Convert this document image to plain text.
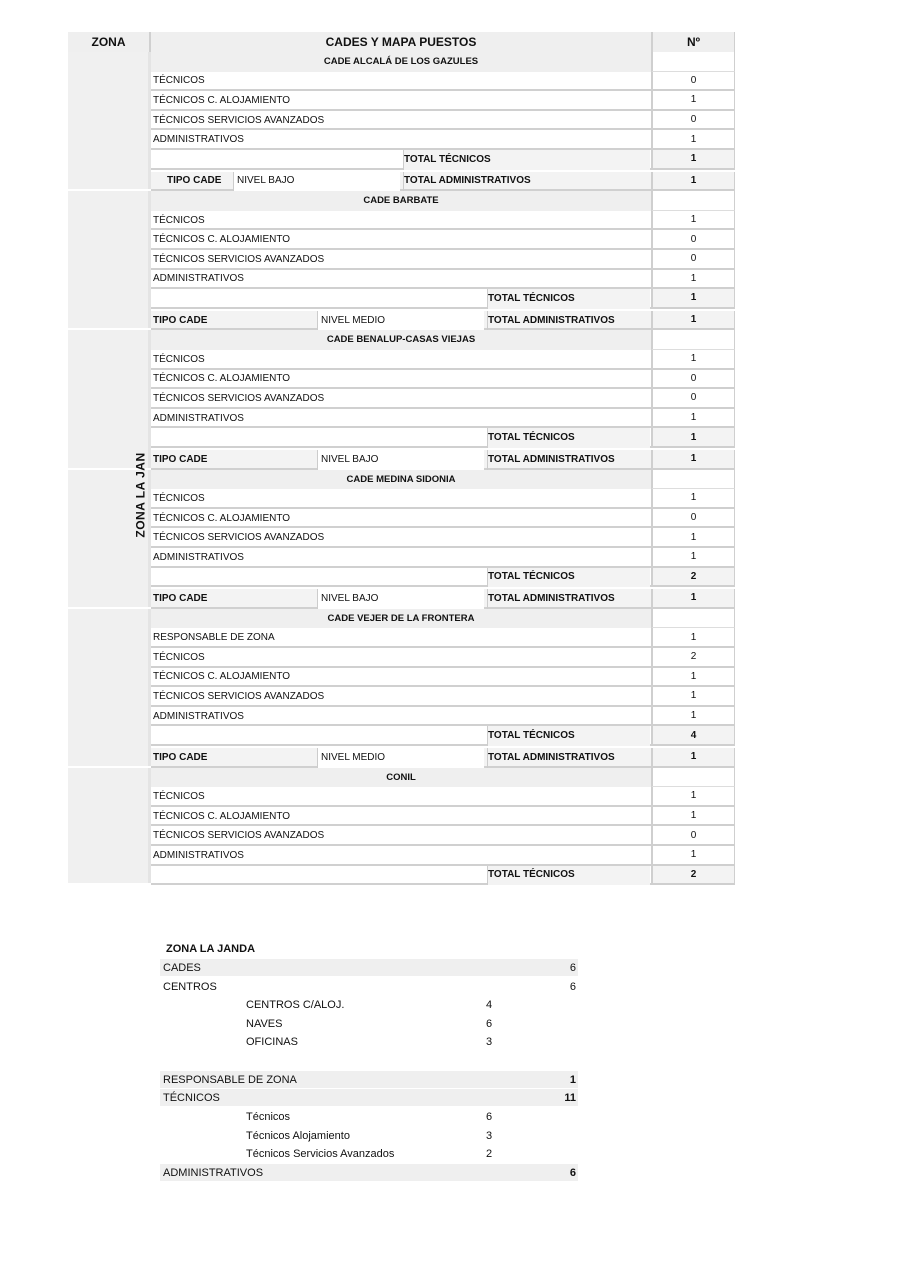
ZONA	CADES Y MAPA PUESTOS	Nº
CADE ALCALÁ DE LOS GAZULES
TÉCNICOS	0
TÉCNICOS C. ALOJAMIENTO	1
TÉCNICOS SERVICIOS AVANZADOS	0
ADMINISTRATIVOS	1
TOTAL TÉCNICOS	1
TIPO CADE	NIVEL BAJO	TOTAL ADMINISTRATIVOS	1
CADE BARBATE
TÉCNICOS	1
TÉCNICOS C. ALOJAMIENTO	0
TÉCNICOS SERVICIOS AVANZADOS	0
ADMINISTRATIVOS	1
TOTAL TÉCNICOS	1
TIPO CADE	NIVEL MEDIO	TOTAL ADMINISTRATIVOS	1
CADE BENALUP-CASAS VIEJAS
TÉCNICOS	1
TÉCNICOS C. ALOJAMIENTO	0
TÉCNICOS SERVICIOS AVANZADOS	0
ADMINISTRATIVOS	1
TOTAL TÉCNICOS	1
TIPO CADE	NIVEL BAJO	TOTAL ADMINISTRATIVOS	1
CADE MEDINA SIDONIA
TÉCNICOS	1
TÉCNICOS C. ALOJAMIENTO	0
TÉCNICOS SERVICIOS AVANZADOS	1
ADMINISTRATIVOS	1
TOTAL TÉCNICOS	2
TIPO CADE	NIVEL BAJO	TOTAL ADMINISTRATIVOS	1
CADE VEJER DE LA FRONTERA
RESPONSABLE DE ZONA	1
TÉCNICOS	2
TÉCNICOS C. ALOJAMIENTO	1
TÉCNICOS SERVICIOS AVANZADOS	1
ADMINISTRATIVOS	1
TOTAL TÉCNICOS	4
TIPO CADE	NIVEL MEDIO	TOTAL ADMINISTRATIVOS	1
CONIL
TÉCNICOS	1
TÉCNICOS C. ALOJAMIENTO	1
TÉCNICOS SERVICIOS AVANZADOS	0
ADMINISTRATIVOS	1
TOTAL TÉCNICOS	2
ZONA LA JAN
ZONA LA JANDA
CADES	6
CENTROS	6
CENTROS C/ALOJ.	4
NAVES	6
OFICINAS	3
RESPONSABLE DE ZONA	1
TÉCNICOS	11
Técnicos	6
Técnicos Alojamiento	3
Técnicos Servicios Avanzados	2
ADMINISTRATIVOS	6
